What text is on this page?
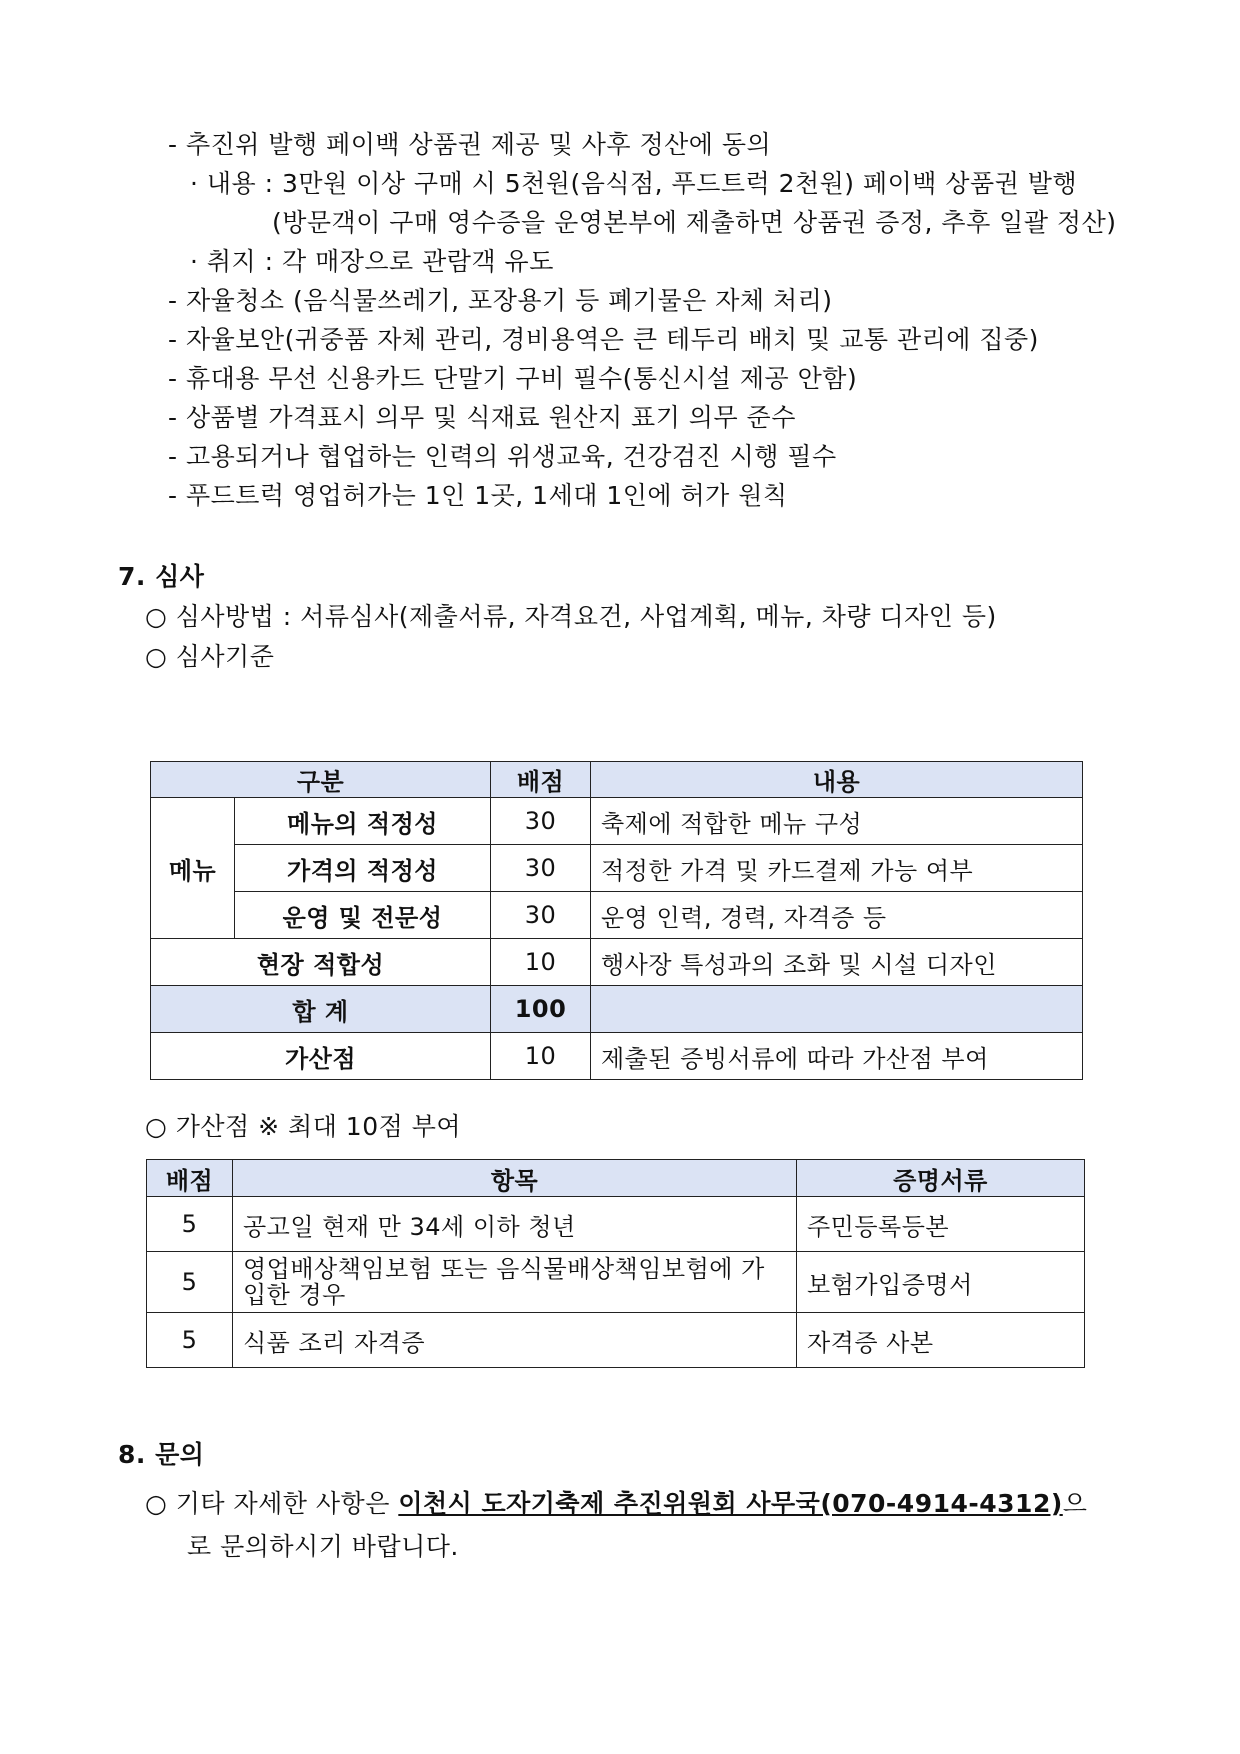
- 추진위 발행 페이백 상품권 제공 및 사후 정산에 동의
· 내용 : 3만원 이상 구매 시 5천원(음식점, 푸드트럭 2천원) 페이백 상품권 발행
(방문객이 구매 영수증을 운영본부에 제출하면 상품권 증정, 추후 일괄 정산)
· 취지 : 각 매장으로 관람객 유도
- 자율청소 (음식물쓰레기, 포장용기 등 폐기물은 자체 처리)
- 자율보안(귀중품 자체 관리, 경비용역은 큰 테두리 배치 및 교통 관리에 집중)
- 휴대용 무선 신용카드 단말기 구비 필수(통신시설 제공 안함)
- 상품별 가격표시 의무 및 식재료 원산지 표기 의무 준수
- 고용되거나 협업하는 인력의 위생교육, 건강검진 시행 필수
- 푸드트럭 영업허가는 1인 1곳, 1세대 1인에 허가 원칙
7. 심사
○ 심사방법 : 서류심사(제출서류, 자격요건, 사업계획, 메뉴, 차량 디자인 등)
○ 심사기준
구분		배점	내용
메뉴	메뉴의 적정성	30	축제에 적합한 메뉴 구성
	가격의 적정성	30	적정한 가격 및 카드결제 가능 여부
	운영 및 전문성	30	운영 인력, 경력, 자격증 등
현장 적합성		10	행사장 특성과의 조화 및 시설 디자인
합 계		100	
가산점		10	제출된 증빙서류에 따라 가산점 부여
○ 가산점 ※ 최대 10점 부여
배점	항목	증명서류
5	공고일 현재 만 34세 이하 청년	주민등록등본
5	영업배상책임보험 또는 음식물배상책임보험에 가입한 경우	보험가입증명서
5	식품 조리 자격증	자격증 사본
8. 문의
○ 기타 자세한 사항은 이천시 도자기축제 추진위원회 사무국(070-4914-4312)으
로 문의하시기 바랍니다.
